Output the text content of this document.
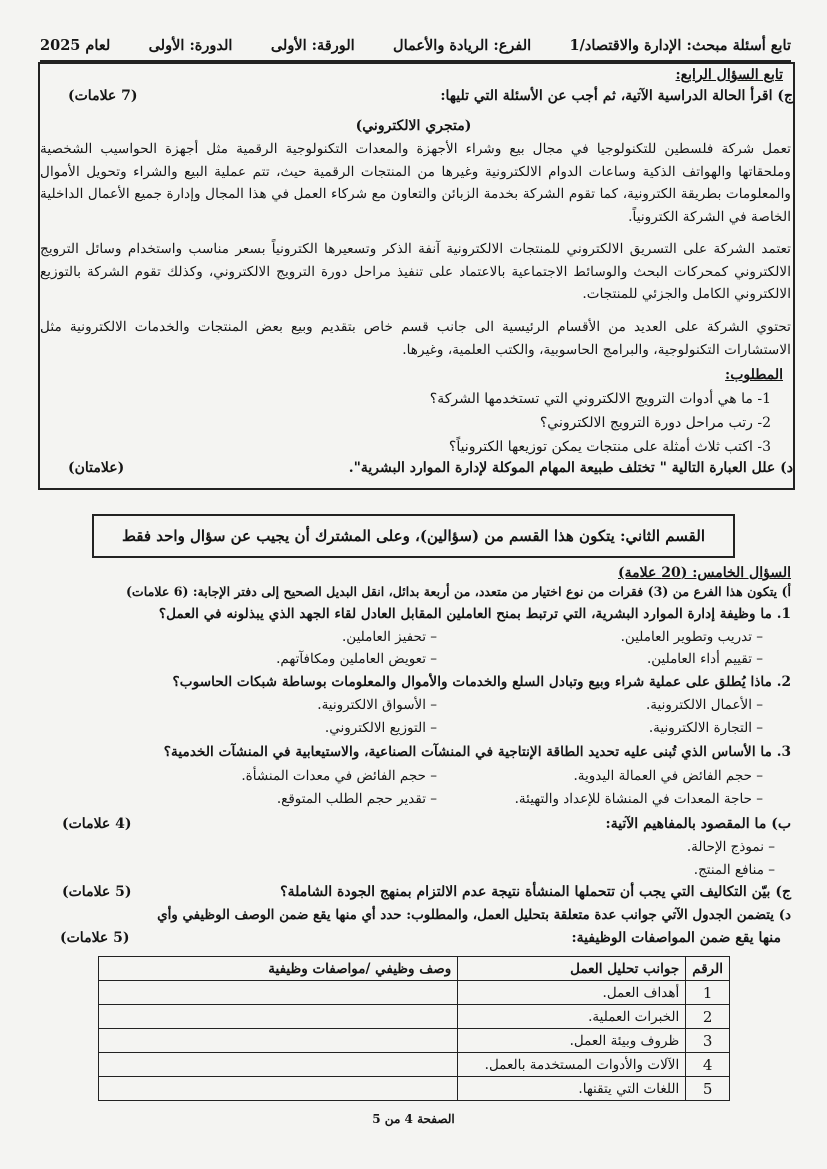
تابع أسئلة مبحث: الإدارة والاقتصاد/1
الفرع: الريادة والأعمال
الورقة: الأولى
الدورة: الأولى
لعام 2025
تابع السؤال الرابع:
ج) اقرأ الحالة الدراسية الآتية، ثم أجب عن الأسئلة التي تليها:
(7 علامات)
(متجري الالكتروني)
تعمل شركة فلسطين للتكنولوجيا في مجال بيع وشراء الأجهزة والمعدات التكنولوجية الرقمية مثل أجهزة الحواسيب الشخصية وملحقاتها والهواتف الذكية وساعات الدوام الالكترونية وغيرها من المنتجات الرقمية حيث، تتم عملية البيع والشراء وتحويل الأموال والمعلومات بطريقة الكترونية، كما تقوم الشركة بخدمة الزبائن والتعاون مع شركاء العمل في هذا المجال وإدارة جميع الأعمال الداخلية الخاصة في الشركة الكترونياً.
تعتمد الشركة على التسريق الالكتروني للمنتجات الالكترونية آنفة الذكر وتسعيرها الكترونياً بسعر مناسب واستخدام وسائل الترويج الالكتروني كمحركات البحث والوسائط الاجتماعية بالاعتماد على تنفيذ مراحل دورة الترويج الالكتروني، وكذلك تقوم الشركة بالتوزيع الالكتروني الكامل والجزئي للمنتجات.
تحتوي الشركة على العديد من الأقسام الرئيسية الى جانب قسم خاص بتقديم وبيع بعض المنتجات والخدمات الالكترونية مثل الاستشارات التكنولوجية، والبرامج الحاسوبية، والكتب العلمية، وغيرها.
المطلوب:
1- ما هي أدوات الترويج الالكتروني التي تستخدمها الشركة؟
2- رتب مراحل دورة الترويج الالكتروني؟
3- اكتب ثلاث أمثلة على منتجات يمكن توزيعها الكترونياً؟
د) علل العبارة التالية " تختلف طبيعة المهام الموكلة لإدارة الموارد البشرية".
(علامتان)
القسم الثاني: يتكون هذا القسم من (سؤالين)، وعلى المشترك أن يجيب عن سؤال واحد فقط
السؤال الخامس: (20 علامة)
أ) يتكون هذا الفرع من (3) فقرات من نوع اختيار من متعدد، من أربعة بدائل، انقل البديل الصحيح إلى دفتر الإجابة: (6 علامات)
1. ما وظيفة إدارة الموارد البشرية، التي ترتبط بمنح العاملين المقابل العادل لقاء الجهد الذي يبذلونه في العمل؟
– تدريب وتطوير العاملين.
– تحفيز العاملين.
– تقييم أداء العاملين.
– تعويض العاملين ومكافآتهم.
2. ماذا يُطلق على عملية شراء وبيع وتبادل السلع والخدمات والأموال والمعلومات بوساطة شبكات الحاسوب؟
– الأعمال الالكترونية.
– الأسواق الالكترونية.
– التجارة الالكترونية.
– التوزيع الالكتروني.
3. ما الأساس الذي تُبنى عليه تحديد الطاقة الإنتاجية في المنشآت الصناعية، والاستيعابية في المنشآت الخدمية؟
– حجم الفائض في العمالة اليدوية.
– حجم الفائض في معدات المنشأة.
– حاجة المعدات في المنشاة للإعداد والتهيئة.
– تقدير حجم الطلب المتوقع.
ب) ما المقصود بالمفاهيم الآتية:
(4 علامات)
– نموذج الإحالة.
– منافع المنتج.
ج) بيّن التكاليف التي يجب أن تتحملها المنشأة نتيجة عدم الالتزام بمنهج الجودة الشاملة؟
(5 علامات)
د) يتضمن الجدول الآتي جوانب عدة متعلقة بتحليل العمل، والمطلوب: حدد أي منها يقع ضمن الوصف الوظيفي وأي
منها يقع ضمن المواصفات الوظيفية:
(5 علامات)
الرقم	جوانب تحليل العمل	وصف وظيفي /مواصفات وظيفية
1	أهداف العمل.	
2	الخبرات العملية.	
3	ظروف وبيئة العمل.	
4	الآلات والأدوات المستخدمة بالعمل.	
5	اللغات التي يتقنها.	
الصفحة 4 من 5
